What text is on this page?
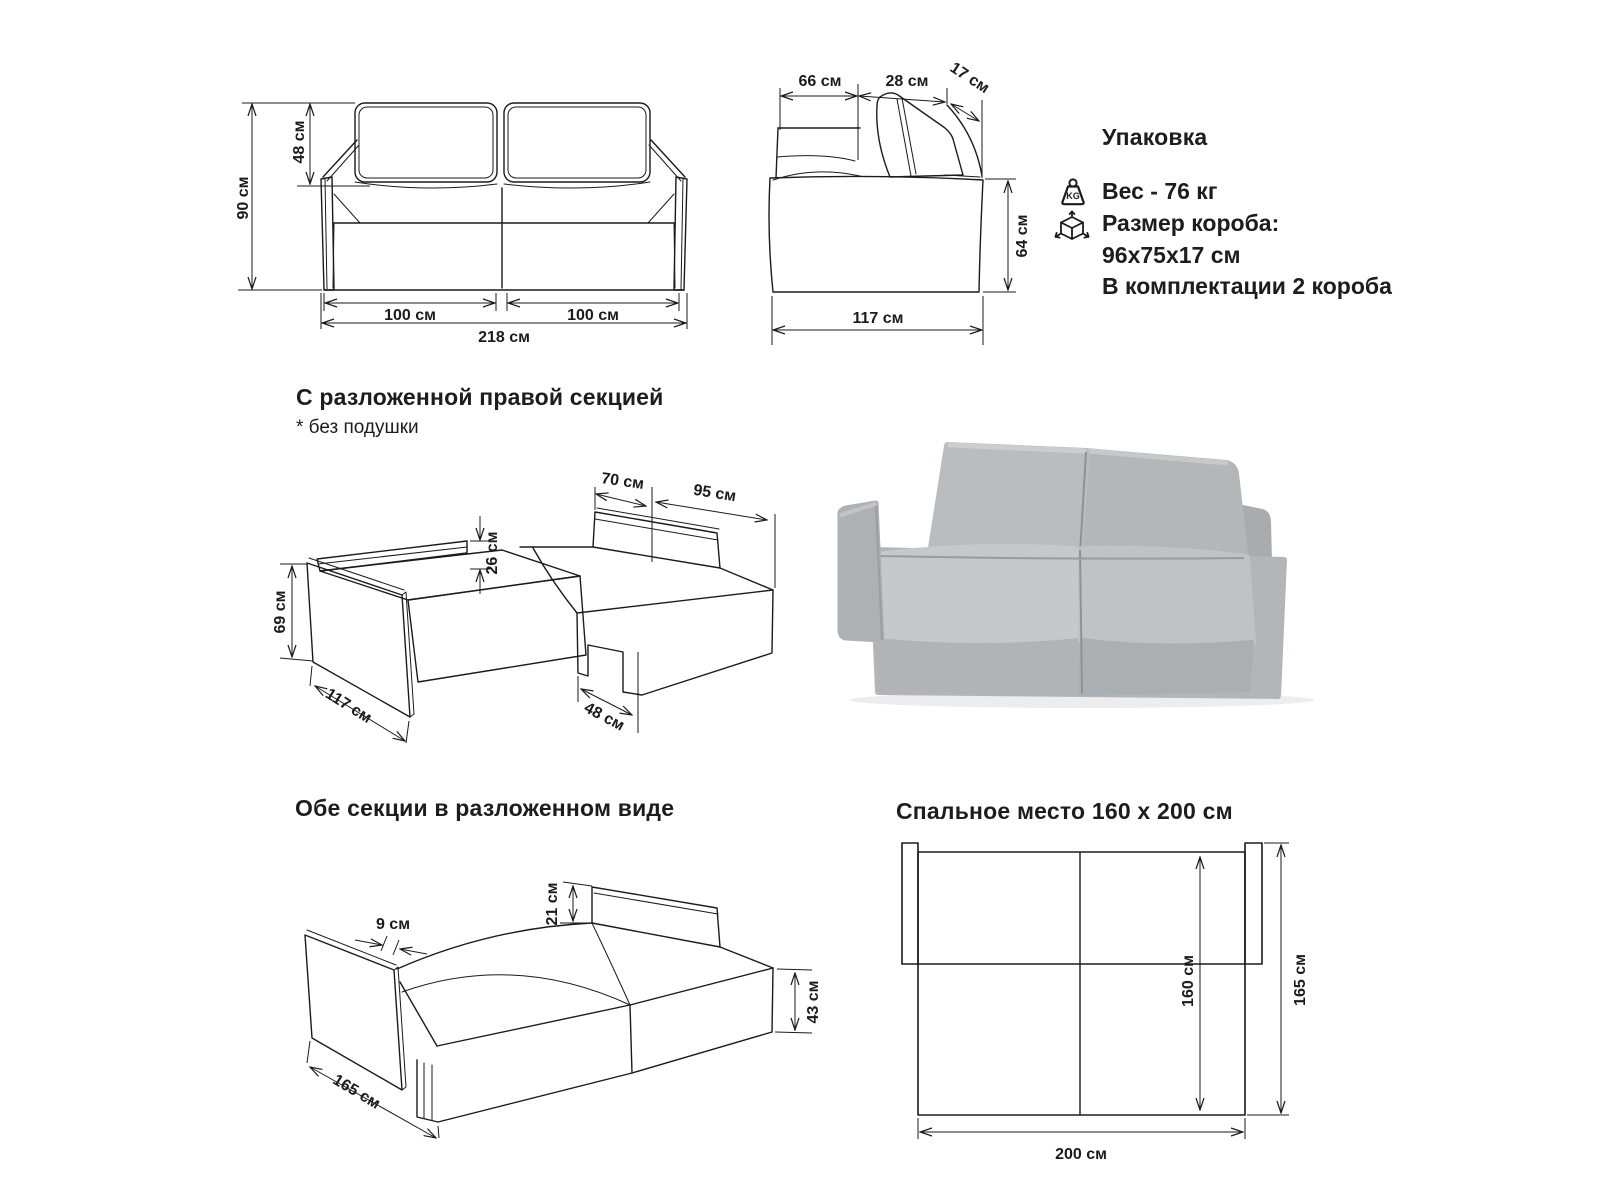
90 см
48 см
100 см	100 см
218 см
66 см	28 см 17 см
64 см
117 см
Упаковка
KG Вес - 76 кг
Размер короба:
96х75х17 см
В комплектации 2 короба
С разложенной правой секцией
* без подушки
69 см
117 см
26 см
70 см
95 см
48 см
Обе секции в разложенном виде
9 см	21 см
43 см
165 см
Спальное место 160 x 200 см
160 см	165 см
200 см
